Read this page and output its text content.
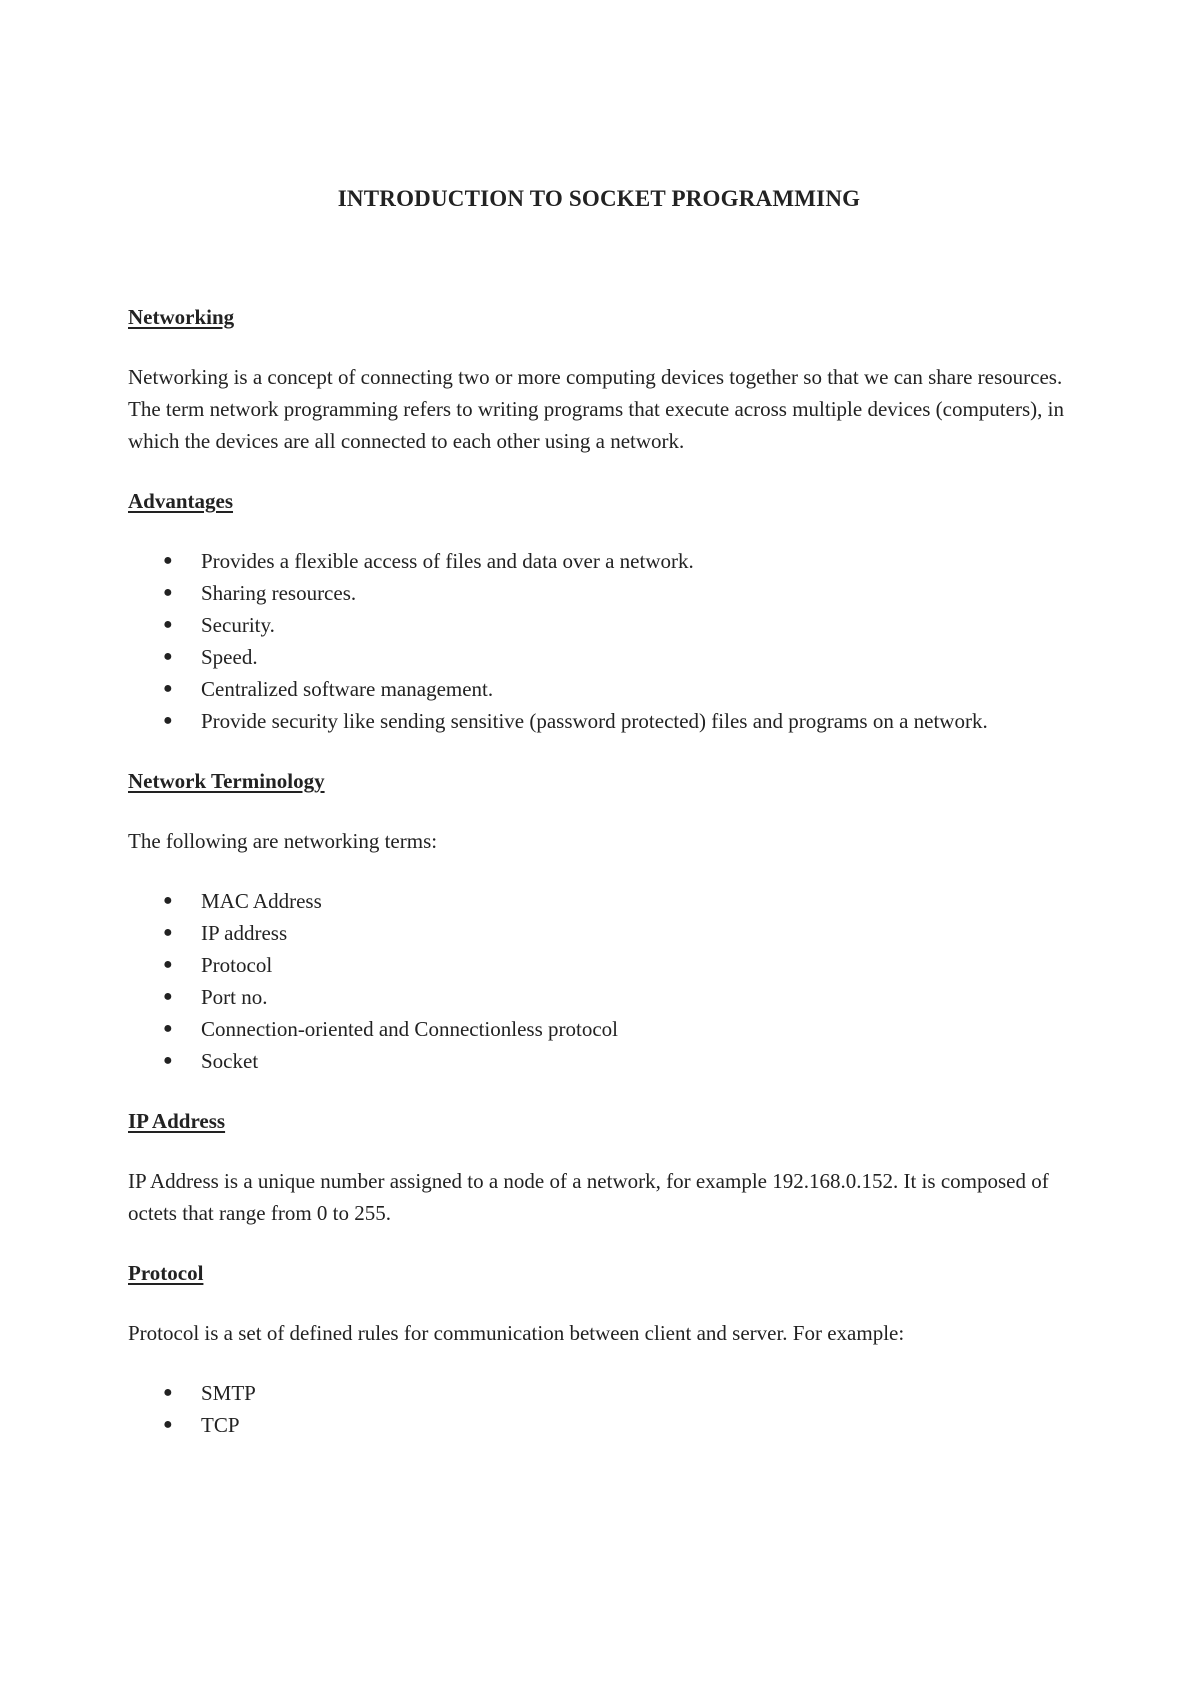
INTRODUCTION TO SOCKET PROGRAMMING
Networking

Networking is a concept of connecting two or more computing devices together so that we can share resources. The term network programming refers to writing programs that execute across multiple devices (computers), in which the devices are all connected to each other using a network.

Advantages
● Provides a flexible access of files and data over a network.
● Sharing resources.
● Security.
● Speed.
● Centralized software management.
● Provide security like sending sensitive (password protected) files and programs on a network.
Network Terminology

The following are networking terms:

● MAC Address
● IP address
● Protocol
● Port no.
● Connection-oriented and Connectionless protocol
● Socket
IP Address

IP Address is a unique number assigned to a node of a network, for example 192.168.0.152. It is composed of octets that range from 0 to 255.

Protocol

Protocol is a set of defined rules for communication between client and server. For example:

● SMTP
● TCP
